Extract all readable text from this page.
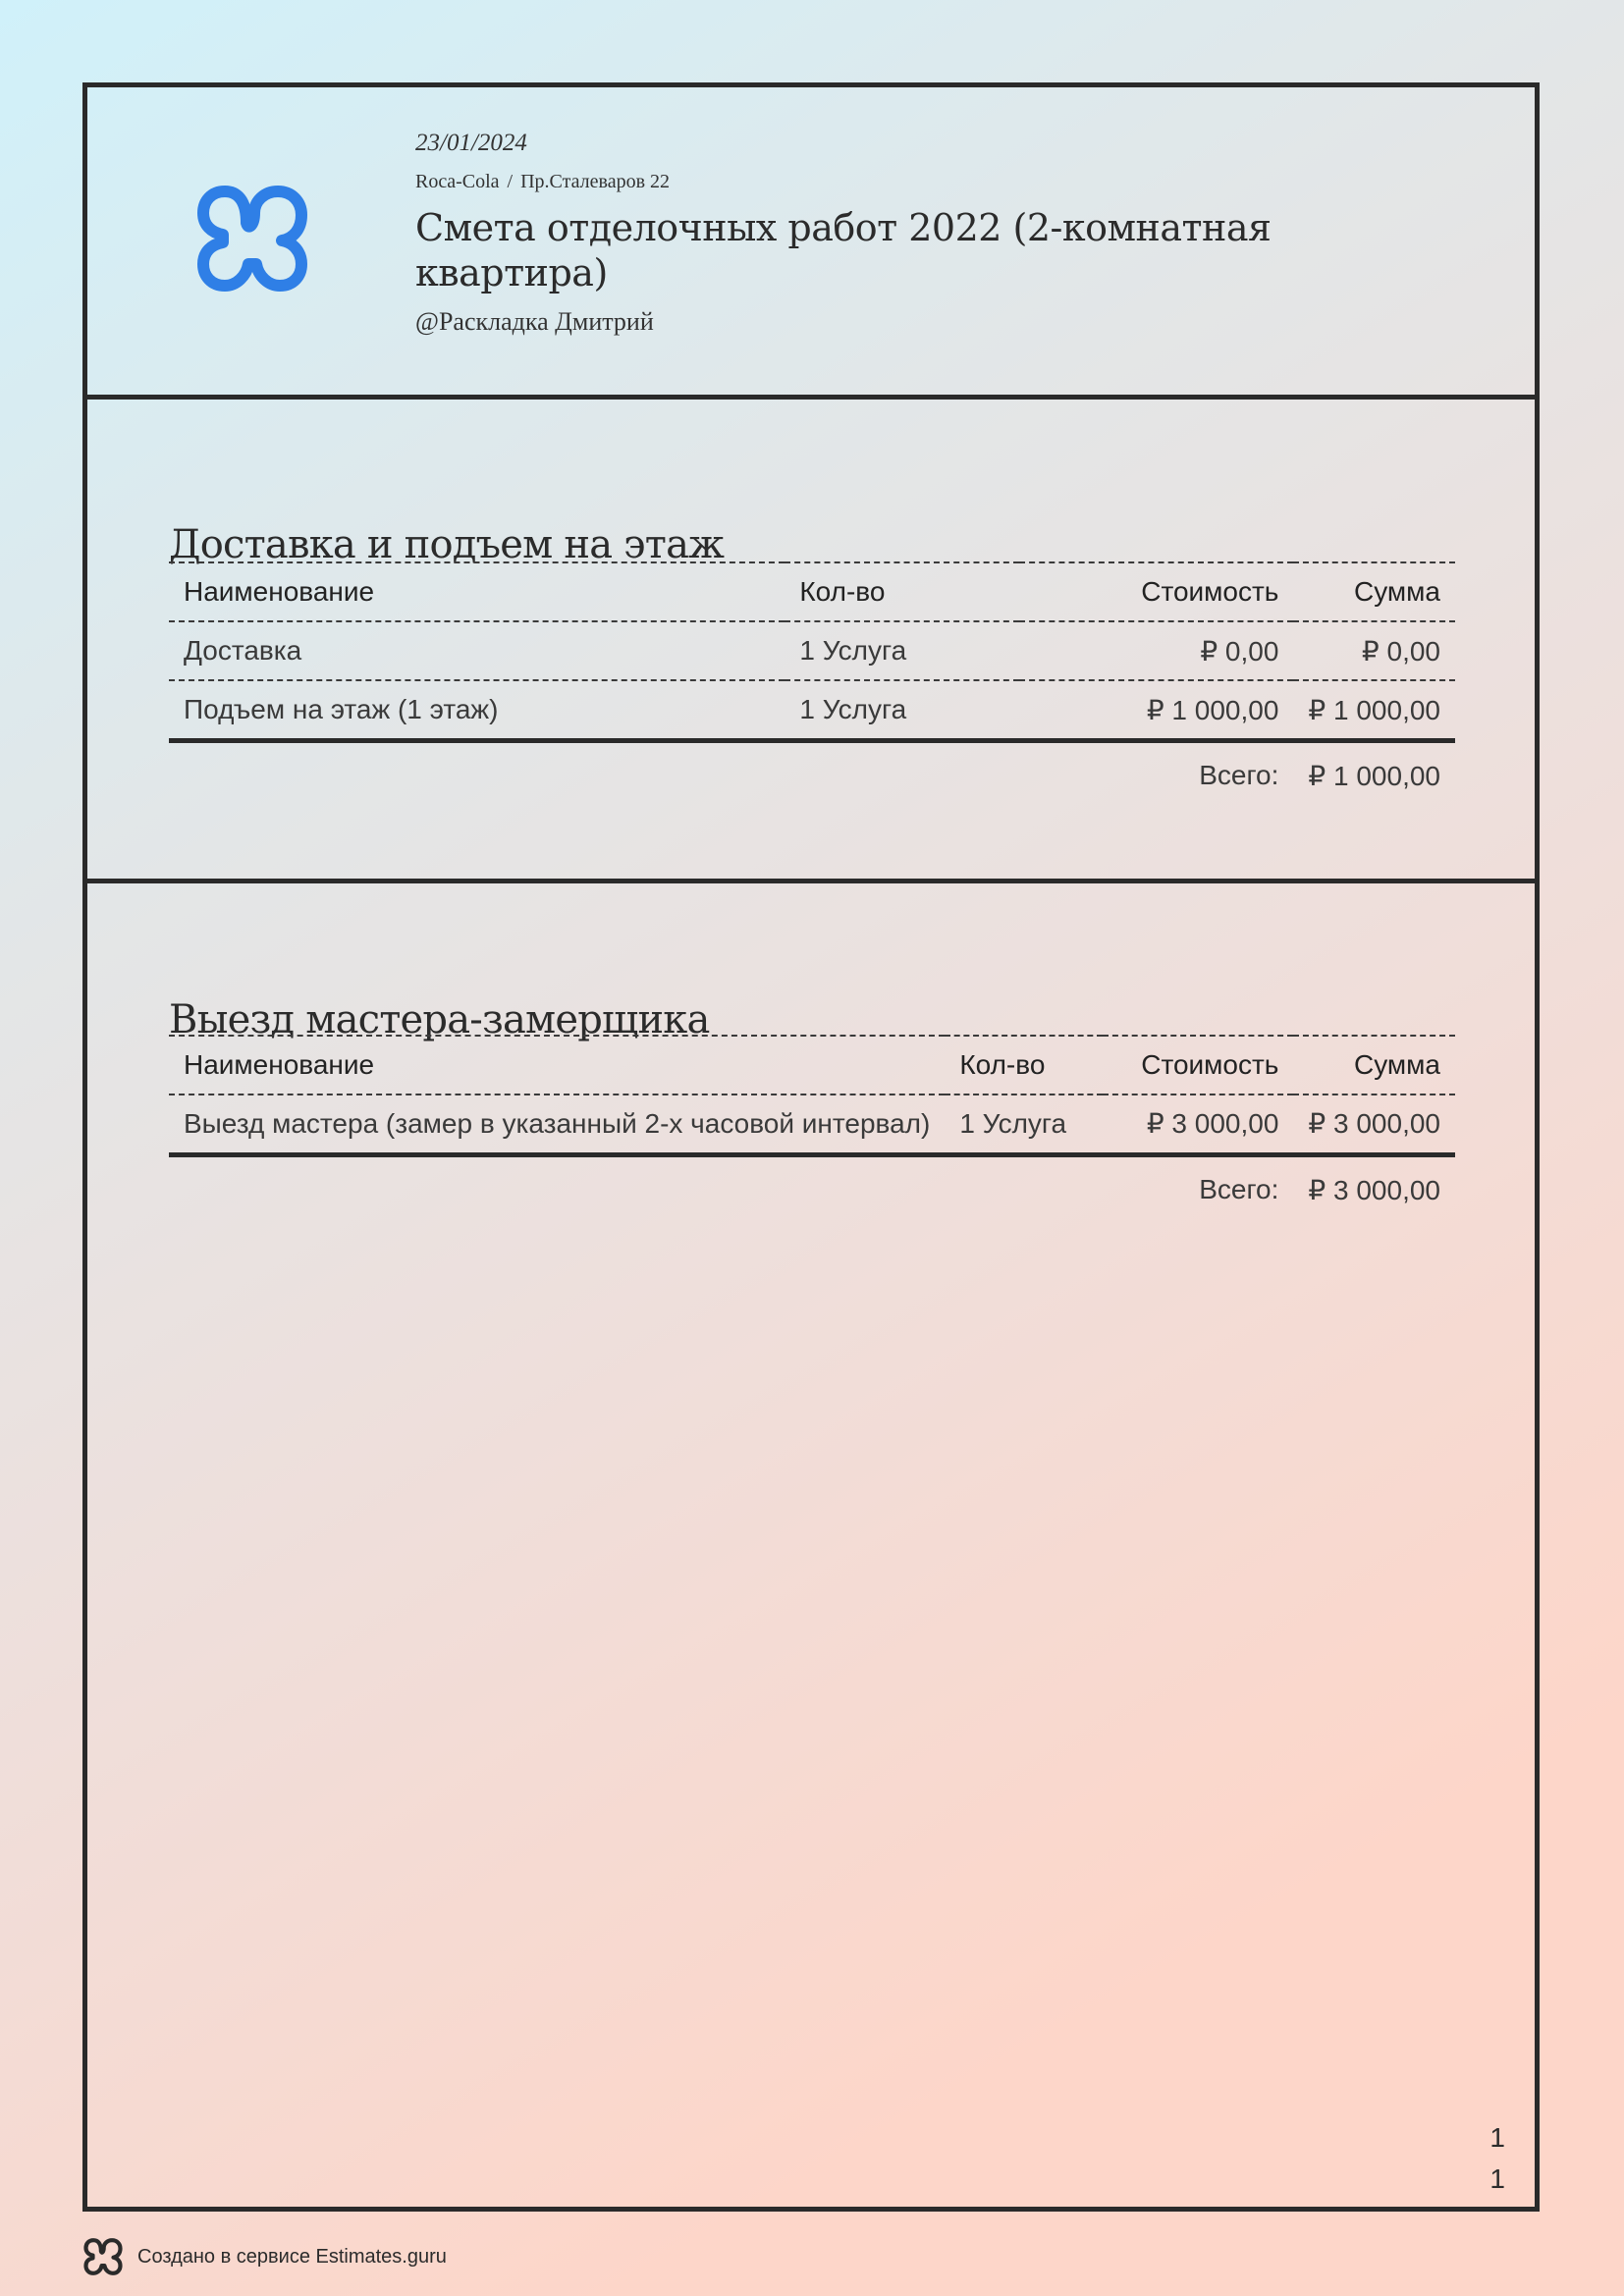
23/01/2024
Roca-Cola / Пр.Сталеваров 22
Смета отделочных работ 2022 (2-комнатная квартира)
@Раскладка Дмитрий
Доставка и подъем на этаж
Наименование	Кол-во	Стоимость	Сумма
Доставка	1 Услуга	₽ 0,00	₽ 0,00
Подъем на этаж (1 этаж)	1 Услуга	₽ 1 000,00	₽ 1 000,00
		Всего:	₽ 1 000,00
Выезд мастера-замерщика
Наименование	Кол-во	Стоимость	Сумма
Выезд мастера (замер в указанный 2-х часовой интервал)	1 Услуга	₽ 3 000,00	₽ 3 000,00
		Всего:	₽ 3 000,00
1
1
Создано в сервисе Estimates.guru
